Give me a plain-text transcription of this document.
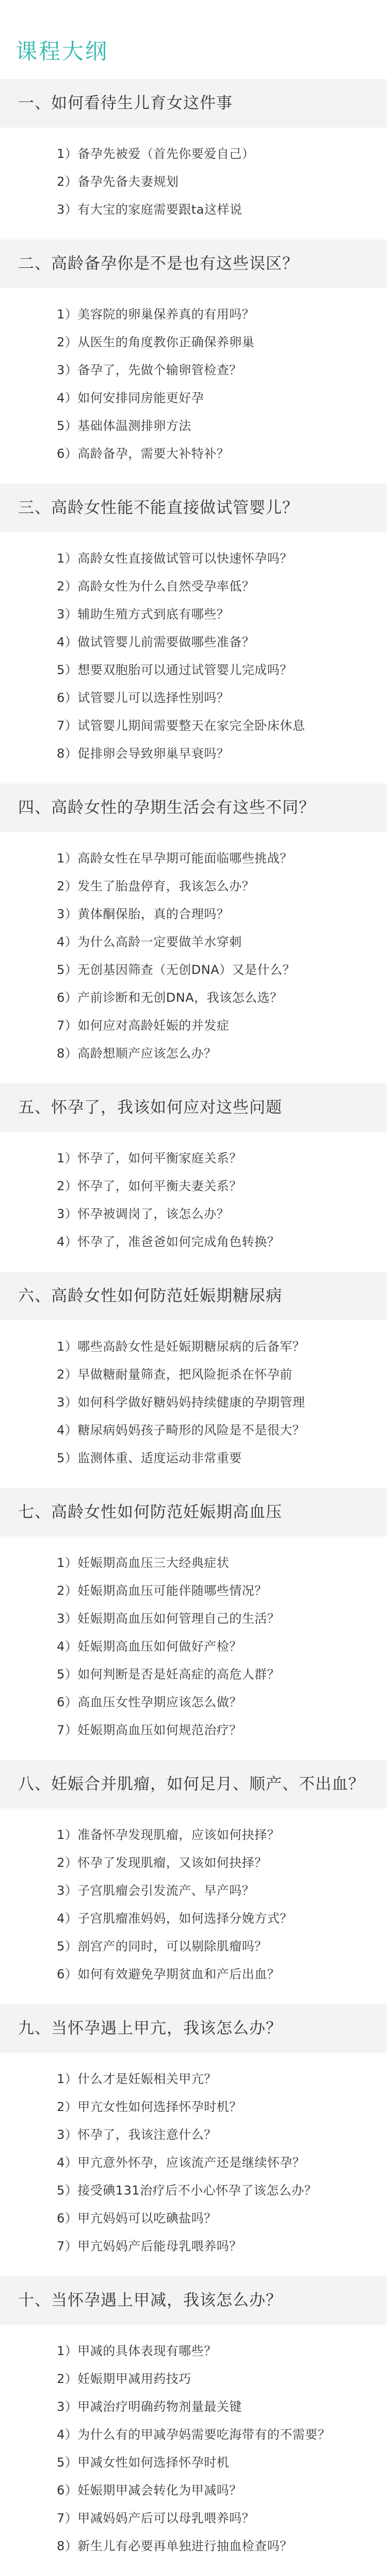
课程大纲
一、如何看待生儿育女这件事
1）备孕先被爱（首先你要爱自己）
2）备孕先备夫妻规划
3）有大宝的家庭需要跟ta这样说
二、高龄备孕你是不是也有这些误区？
1）美容院的卵巢保养真的有用吗？
2）从医生的角度教你正确保养卵巢
3）备孕了，先做个输卵管检查？
4）如何安排同房能更好孕
5）基础体温测排卵方法
6）高龄备孕，需要大补特补？
三、高龄女性能不能直接做试管婴儿？
1）高龄女性直接做试管可以快速怀孕吗？
2）高龄女性为什么自然受孕率低？
3）辅助生殖方式到底有哪些？
4）做试管婴儿前需要做哪些准备？
5）想要双胞胎可以通过试管婴儿完成吗？
6）试管婴儿可以选择性别吗？
7）试管婴儿期间需要整天在家完全卧床休息
8）促排卵会导致卵巢早衰吗？
四、高龄女性的孕期生活会有这些不同？
1）高龄女性在早孕期可能面临哪些挑战？
2）发生了胎盘停育，我该怎么办？
3）黄体酮保胎，真的合理吗？
4）为什么高龄一定要做羊水穿刺
5）无创基因筛查（无创DNA）又是什么？
6）产前诊断和无创DNA，我该怎么选？
7）如何应对高龄妊娠的并发症
8）高龄想顺产应该怎么办？
五、怀孕了，我该如何应对这些问题
1）怀孕了，如何平衡家庭关系？
2）怀孕了，如何平衡夫妻关系？
3）怀孕被调岗了，该怎么办？
4）怀孕了，准爸爸如何完成角色转换？
六、高龄女性如何防范妊娠期糖尿病
1）哪些高龄女性是妊娠期糖尿病的后备军？
2）早做糖耐量筛查，把风险扼杀在怀孕前
3）如何科学做好糖妈妈持续健康的孕期管理
4）糖尿病妈妈孩子畸形的风险是不是很大？
5）监测体重、适度运动非常重要
七、高龄女性如何防范妊娠期高血压
1）妊娠期高血压三大经典症状
2）妊娠期高血压可能伴随哪些情况？
3）妊娠期高血压如何管理自己的生活？
4）妊娠期高血压如何做好产检？
5）如何判断是否是妊高症的高危人群？
6）高血压女性孕期应该怎么做？
7）妊娠期高血压如何规范治疗？
八、妊娠合并肌瘤，如何足月、顺产、不出血？
1）准备怀孕发现肌瘤，应该如何抉择？
2）怀孕了发现肌瘤，又该如何抉择？
3）子宫肌瘤会引发流产、早产吗？
4）子宫肌瘤准妈妈，如何选择分娩方式？
5）剖宫产的同时，可以剔除肌瘤吗？
6）如何有效避免孕期贫血和产后出血？
九、当怀孕遇上甲亢，我该怎么办？
1）什么才是妊娠相关甲亢？
2）甲亢女性如何选择怀孕时机？
3）怀孕了，我该注意什么？
4）甲亢意外怀孕，应该流产还是继续怀孕？
5）接受碘131治疗后不小心怀孕了该怎么办？
6）甲亢妈妈可以吃碘盐吗？
7）甲亢妈妈产后能母乳喂养吗？
十、当怀孕遇上甲减，我该怎么办？
1）甲减的具体表现有哪些？
2）妊娠期甲减用药技巧
3）甲减治疗明确药物剂量最关键
4）为什么有的甲减孕妈需要吃海带有的不需要？
5）甲减女性如何选择怀孕时机
6）妊娠期甲减会转化为甲减吗？
7）甲减妈妈产后可以母乳喂养吗？
8）新生儿有必要再单独进行抽血检查吗？
